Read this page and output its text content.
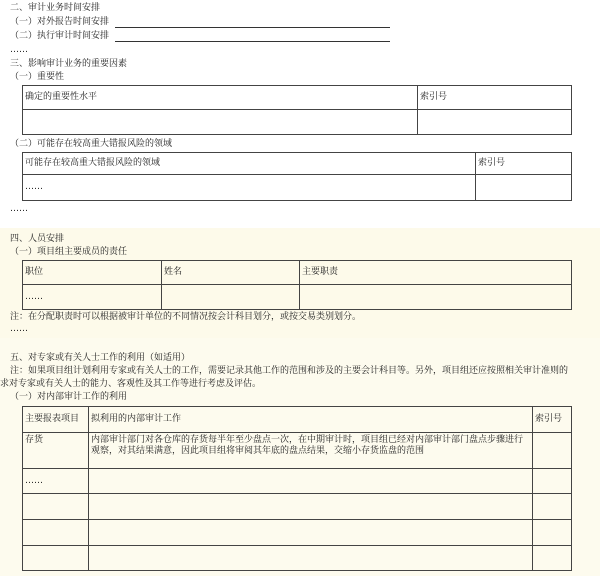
二、审计业务时间安排
（一）对外报告时间安排
（二）执行审计时间安排
……
三、影响审计业务的重要因素
（一）重要性
确定的重要性水平	索引号

（二）可能存在较高重大错报风险的领域
可能存在较高重大错报风险的领域	索引号
……	
……
四、人员安排
（一）项目组主要成员的责任
职位	姓名	主要职责
……		
注：在分配职责时可以根据被审计单位的不同情况按会计科目划分，或按交易类别划分。
……
五、对专家或有关人士工作的利用（如适用）
注：如果项目组计划利用专家或有关人士的工作，需要记录其他工作的范围和涉及的主要会计科目等。另外，项目组还应按照相关审计准则的
求对专家或有关人士的能力、客观性及其工作等进行考虑及评估。
（一）对内部审计工作的利用
主要报表项目	拟利用的内部审计工作	索引号
存货	内部审计部门对各仓库的存货每半年至少盘点一次，在中期审计时，项目组已经对内部审计部门盘点步骤进行观察，对其结果满意，因此项目组将审阅其年底的盘点结果，交缩小存货监盘的范围	
……		
